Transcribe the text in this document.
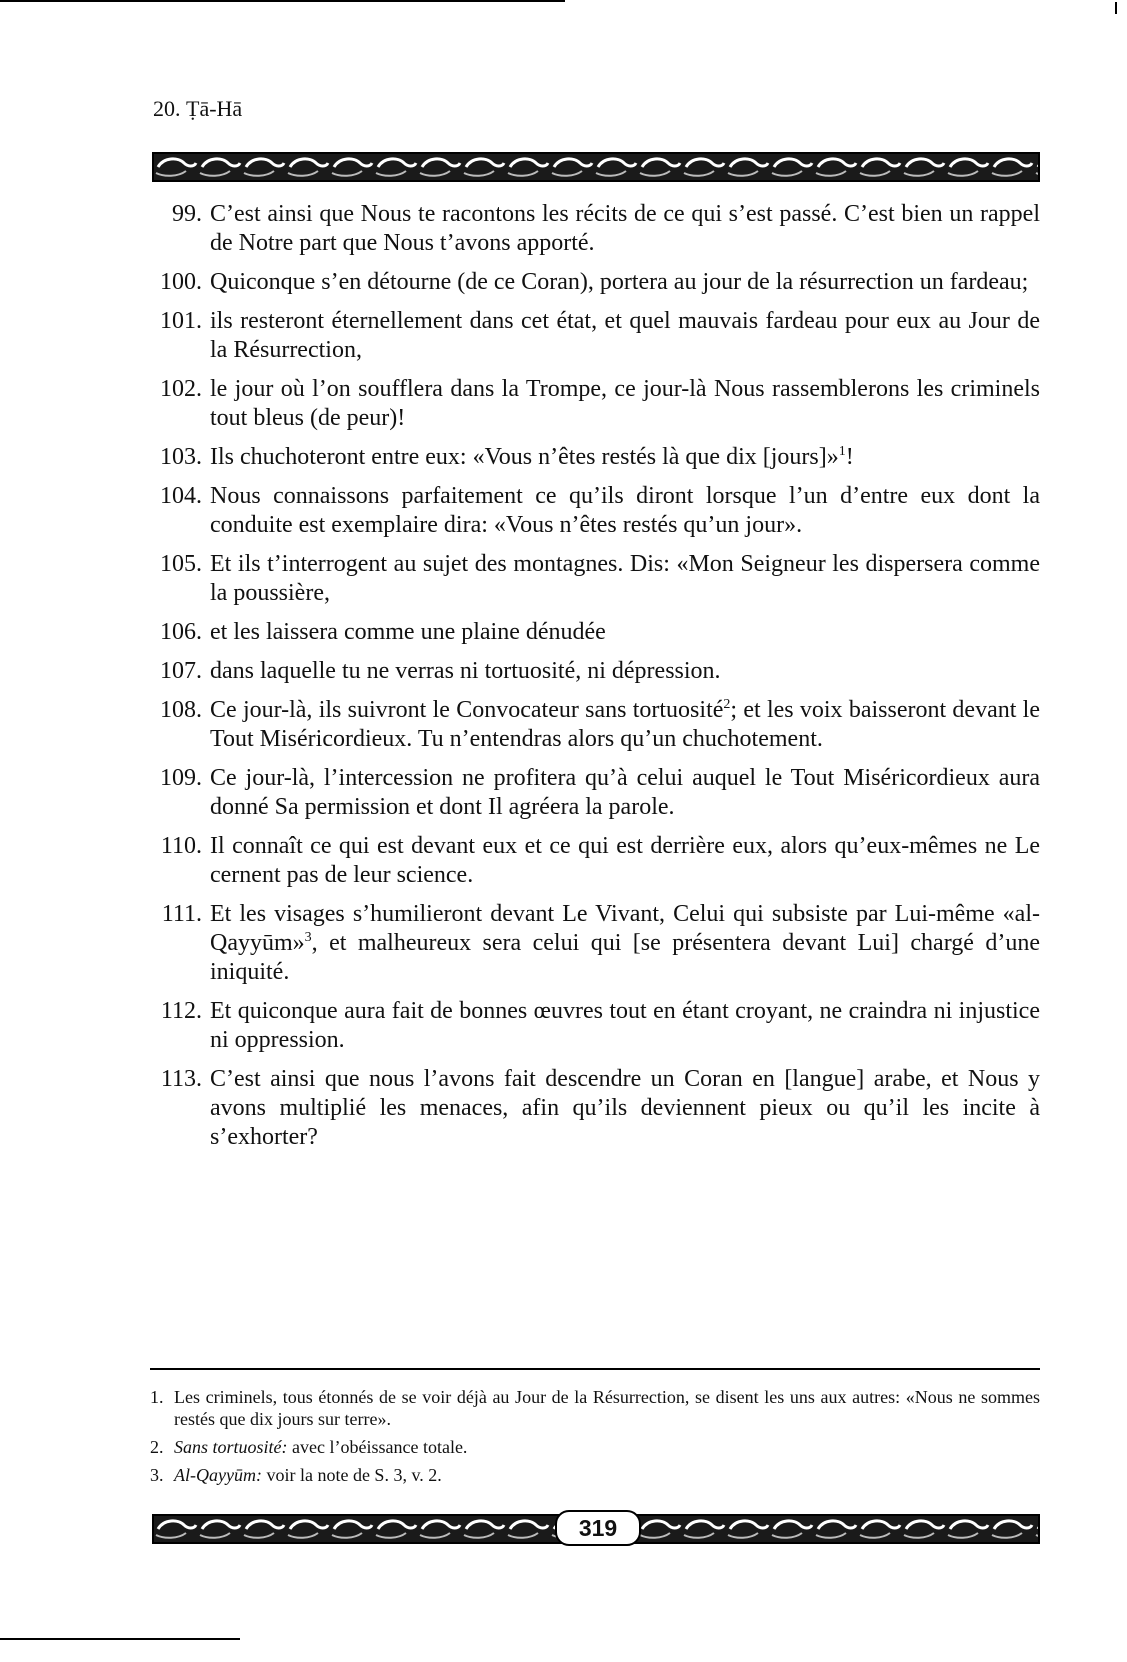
20. Ṭā-Hā
99. C’est ainsi que Nous te racontons les récits de ce qui s’est passé. C’est bien un rappel de Notre part que Nous t’avons apporté.
100. Quiconque s’en détourne (de ce Coran), portera au jour de la résurrection un fardeau;
101. ils resteront éternellement dans cet état, et quel mauvais fardeau pour eux au Jour de la Résurrection,
102. le jour où l’on soufflera dans la Trompe, ce jour-là Nous rassemblerons les criminels tout bleus (de peur)!
103. Ils chuchoteront entre eux: «Vous n’êtes restés là que dix [jours]»$^1$!
104. Nous connaissons parfaitement ce qu’ils diront lorsque l’un d’entre eux dont la conduite est exemplaire dira: «Vous n’êtes restés qu’un jour».
105. Et ils t’interrogent au sujet des montagnes. Dis: «Mon Seigneur les dispersera comme la poussière,
106. et les laissera comme une plaine dénudée
107. dans laquelle tu ne verras ni tortuosité, ni dépression.
108. Ce jour-là, ils suivront le Convocateur sans tortuosité$^2$; et les voix baisseront devant le Tout Miséricordieux. Tu n’entendras alors qu’un chuchotement.
109. Ce jour-là, l’intercession ne profitera qu’à celui auquel le Tout Miséricordieux aura donné Sa permission et dont Il agréera la parole.
110. Il connaît ce qui est devant eux et ce qui est derrière eux, alors qu’eux-mêmes ne Le cernent pas de leur science.
111. Et les visages s’humilieront devant Le Vivant, Celui qui subsiste par Lui-même «al-Qayyūm»$^3$, et malheureux sera celui qui [se présentera devant Lui] chargé d’une iniquité.
112. Et quiconque aura fait de bonnes œuvres tout en étant croyant, ne craindra ni injustice ni oppression.
113. C’est ainsi que nous l’avons fait descendre un Coran en [langue] arabe, et Nous y avons multiplié les menaces, afin qu’ils deviennent pieux ou qu’il les incite à s’exhorter?
1. Les criminels, tous étonnés de se voir déjà au Jour de la Résurrection, se disent les uns aux autres: «Nous ne sommes restés que dix jours sur terre».
2. Sans tortuosité: avec l’obéissance totale.
3. Al-Qayyūm: voir la note de S. 3, v. 2.
319
